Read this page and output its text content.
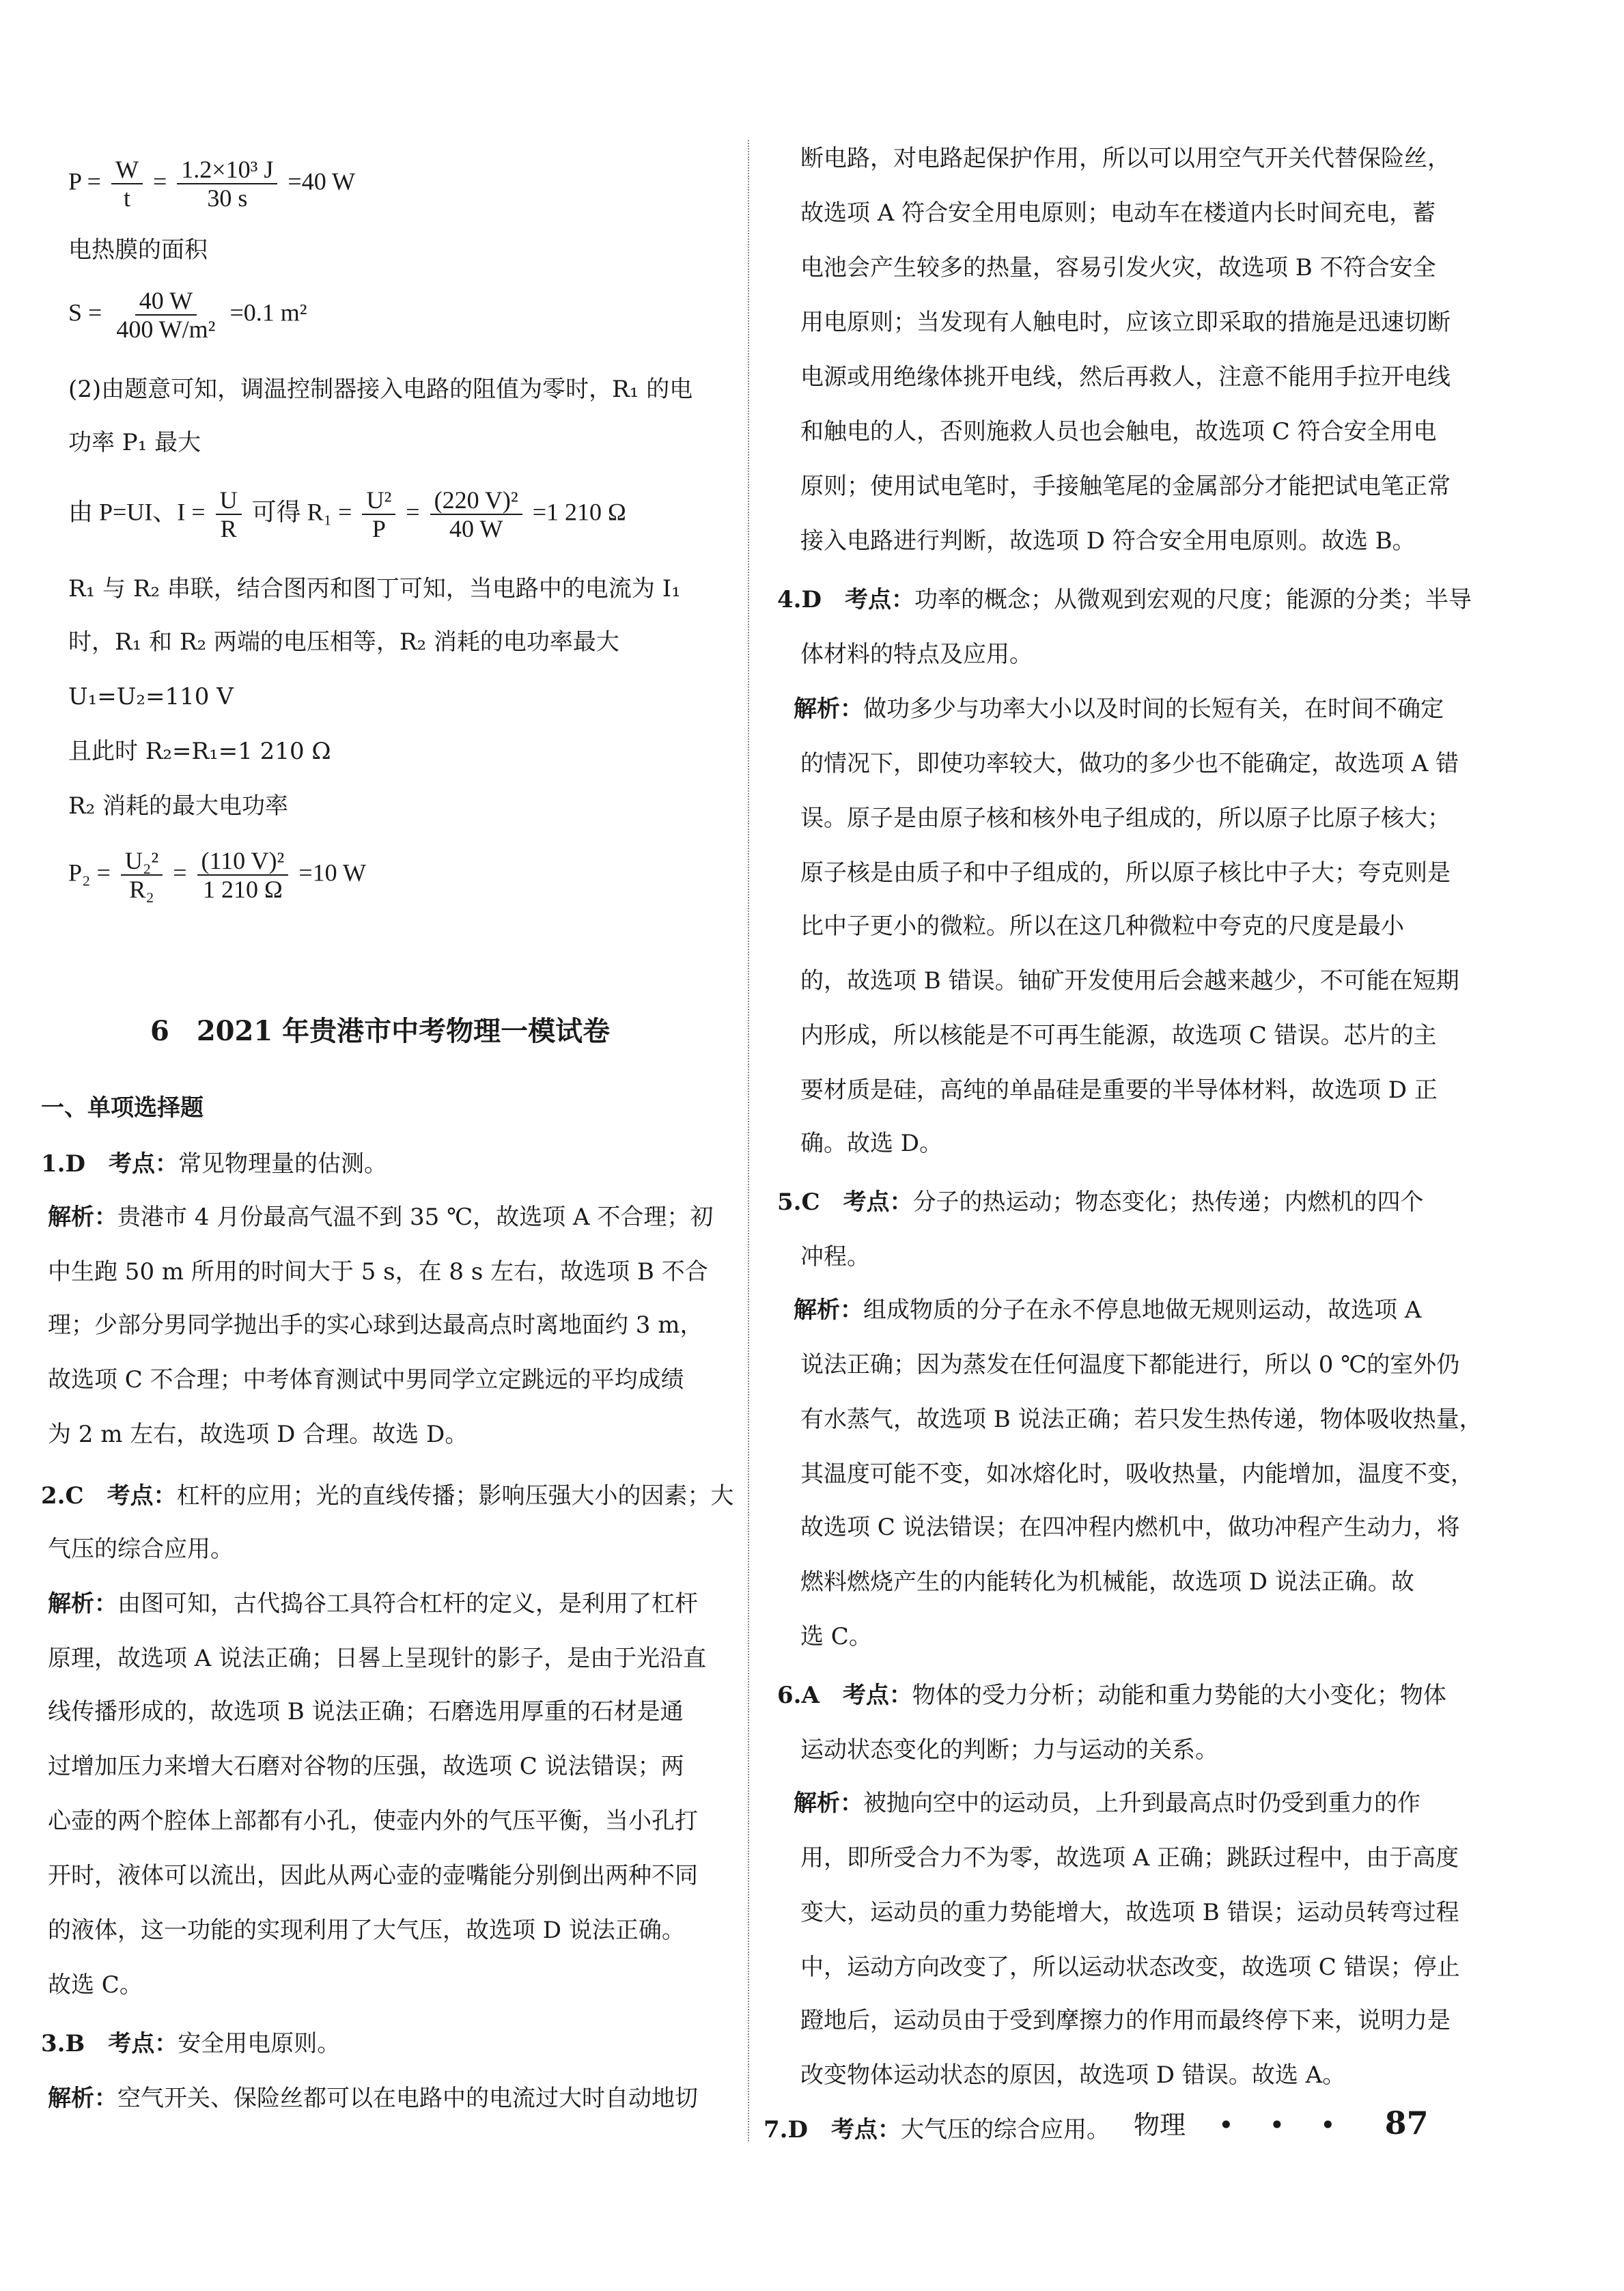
$P = \frac{W}{t} = \frac{\text{1.2×10³ J}}{30 s} =40$ W
电热膜的面积
$S = \frac{40 W}{\text{400 W/m²}} =0.1$ m²
(2)由题意可知，调温控制器接入电路的阻值为零时，R₁ 的电
功率 P₁ 最大
由 P=UI、$I = \frac{U}{R}$ 可得 $R_1 = \frac{\text{U²}}{P} = \frac{\text{(220 V)²}}{40 W} =1$ 210 Ω
R₁ 与 R₂ 串联，结合图丙和图丁可知，当电路中的电流为 I₁
时，R₁ 和 R₂ 两端的电压相等，R₂ 消耗的电功率最大
U₁=U₂=110 V
且此时 R₂=R₁=1 210 Ω
R₂ 消耗的最大电功率
$P_2 = \frac{\text{U₂²}}{\text{R₂}} = \frac{\text{(110 V)²}}{1 210 \Omega} =10$ W
6　2021 年贵港市中考物理一模试卷
一、单项选择题
1.D　 考点：常见物理量的估测。
解析：贵港市 4 月份最高气温不到 35 ℃，故选项 A 不合理；初
中生跑 50 m 所用的时间大于 5 s，在 8 s 左右，故选项 B 不合
理；少部分男同学抛出手的实心球到达最高点时离地面约 3 m，
故选项 C 不合理；中考体育测试中男同学立定跳远的平均成绩
为 2 m 左右，故选项 D 合理。故选 D。
2.C　 考点：杠杆的应用；光的直线传播；影响压强大小的因素；大
气压的综合应用。
解析：由图可知，古代捣谷工具符合杠杆的定义，是利用了杠杆
原理，故选项 A 说法正确；日晷上呈现针的影子，是由于光沿直
线传播形成的，故选项 B 说法正确；石磨选用厚重的石材是通
过增加压力来增大石磨对谷物的压强，故选项 C 说法错误；两
心壶的两个腔体上部都有小孔，使壶内外的气压平衡，当小孔打
开时，液体可以流出，因此从两心壶的壶嘴能分别倒出两种不同
的液体，这一功能的实现利用了大气压，故选项 D 说法正确。
故选 C。
3.B　 考点：安全用电原则。
解析：空气开关、保险丝都可以在电路中的电流过大时自动地切
断电路，对电路起保护作用，所以可以用空气开关代替保险丝，
故选项 A 符合安全用电原则；电动车在楼道内长时间充电，蓄
电池会产生较多的热量，容易引发火灾，故选项 B 不符合安全
用电原则；当发现有人触电时，应该立即采取的措施是迅速切断
电源或用绝缘体挑开电线，然后再救人，注意不能用手拉开电线
和触电的人，否则施救人员也会触电，故选项 C 符合安全用电
原则；使用试电笔时，手接触笔尾的金属部分才能把试电笔正常
接入电路进行判断，故选项 D 符合安全用电原则。故选 B。
4.D　 考点：功率的概念；从微观到宏观的尺度；能源的分类；半导
体材料的特点及应用。
解析：做功多少与功率大小以及时间的长短有关，在时间不确定
的情况下，即使功率较大，做功的多少也不能确定，故选项 A 错
误。原子是由原子核和核外电子组成的，所以原子比原子核大；
原子核是由质子和中子组成的，所以原子核比中子大；夸克则是
比中子更小的微粒。所以在这几种微粒中夸克的尺度是最小
的，故选项 B 错误。铀矿开发使用后会越来越少，不可能在短期
内形成，所以核能是不可再生能源，故选项 C 错误。芯片的主
要材质是硅，高纯的单晶硅是重要的半导体材料，故选项 D 正
确。故选 D。
5.C　 考点：分子的热运动；物态变化；热传递；内燃机的四个
冲程。
解析：组成物质的分子在永不停息地做无规则运动，故选项 A
说法正确；因为蒸发在任何温度下都能进行，所以 0 ℃的室外仍
有水蒸气，故选项 B 说法正确；若只发生热传递，物体吸收热量，
其温度可能不变，如冰熔化时，吸收热量，内能增加，温度不变，
故选项 C 说法错误；在四冲程内燃机中，做功冲程产生动力，将
燃料燃烧产生的内能转化为机械能，故选项 D 说法正确。故
选 C。
6.A　 考点：物体的受力分析；动能和重力势能的大小变化；物体
运动状态变化的判断；力与运动的关系。
解析：被抛向空中的运动员，上升到最高点时仍受到重力的作
用，即所受合力不为零，故选项 A 正确；跳跃过程中，由于高度
变大，运动员的重力势能增大，故选项 B 错误；运动员转弯过程
中，运动方向改变了，所以运动状态改变，故选项 C 错误；停止
蹬地后，运动员由于受到摩擦力的作用而最终停下来，说明力是
改变物体运动状态的原因，故选项 D 错误。故选 A。
7.D　 考点：大气压的综合应用。 物理 • • • 87
